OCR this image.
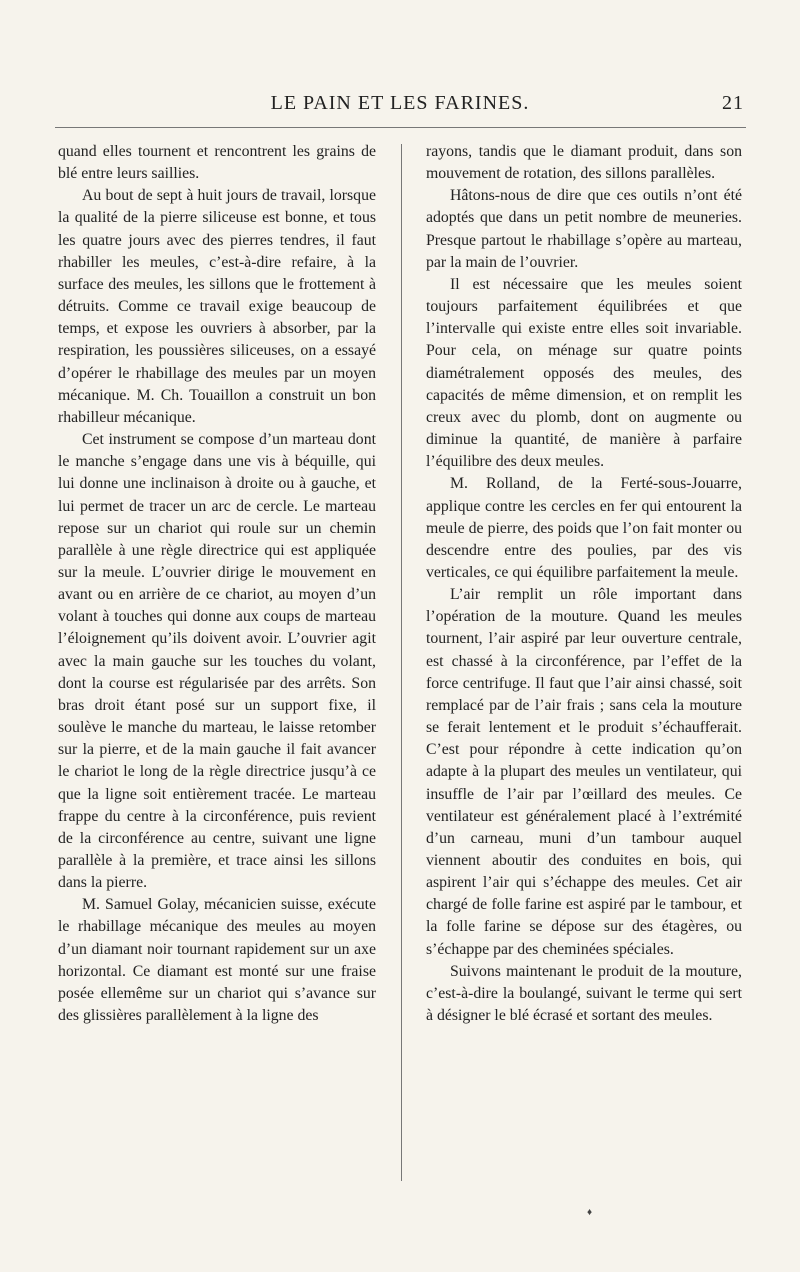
LE PAIN ET LES FARINES.	21

quand elles tournent et rencontrent les grains de blé entre leurs saillies.

Au bout de sept à huit jours de travail, lorsque la qualité de la pierre siliceuse est bonne, et tous les quatre jours avec des pierres tendres, il faut rhabiller les meules, c’est-à-dire refaire, à la surface des meules, les sillons que le frottement à détruits. Comme ce travail exige beaucoup de temps, et expose les ouvriers à absorber, par la respiration, les poussières siliceuses, on a essayé d’opérer le rhabillage des meules par un moyen mécanique. M. Ch. Touaillon a construit un bon rhabilleur mécanique.

Cet instrument se compose d’un marteau dont le manche s’engage dans une vis à béquille, qui lui donne une inclinaison à droite ou à gauche, et lui permet de tracer un arc de cercle. Le marteau repose sur un chariot qui roule sur un chemin parallèle à une règle directrice qui est appliquée sur la meule. L’ouvrier dirige le mouvement en avant ou en arrière de ce chariot, au moyen d’un volant à touches qui donne aux coups de marteau l’éloignement qu’ils doivent avoir. L’ouvrier agit avec la main gauche sur les touches du volant, dont la course est régularisée par des arrêts. Son bras droit étant posé sur un support fixe, il soulève le manche du marteau, le laisse retomber sur la pierre, et de la main gauche il fait avancer le chariot le long de la règle directrice jusqu’à ce que la ligne soit entièrement tracée. Le marteau frappe du centre à la circonférence, puis revient de la circonférence au centre, suivant une ligne parallèle à la première, et trace ainsi les sillons dans la pierre.

M. Samuel Golay, mécanicien suisse, exécute le rhabillage mécanique des meules au moyen d’un diamant noir tournant rapidement sur un axe horizontal. Ce diamant est monté sur une fraise posée ellemême sur un chariot qui s’avance sur des glissières parallèlement à la ligne des

rayons, tandis que le diamant produit, dans son mouvement de rotation, des sillons parallèles.

Hâtons-nous de dire que ces outils n’ont été adoptés que dans un petit nombre de meuneries. Presque partout le rhabillage s’opère au marteau, par la main de l’ouvrier.

Il est nécessaire que les meules soient toujours parfaitement équilibrées et que l’intervalle qui existe entre elles soit invariable. Pour cela, on ménage sur quatre points diamétralement opposés des meules, des capacités de même dimension, et on remplit les creux avec du plomb, dont on augmente ou diminue la quantité, de manière à parfaire l’équilibre des deux meules.

M. Rolland, de la Ferté-sous-Jouarre, applique contre les cercles en fer qui entourent la meule de pierre, des poids que l’on fait monter ou descendre entre des poulies, par des vis verticales, ce qui équilibre parfaitement la meule.

L’air remplit un rôle important dans l’opération de la mouture. Quand les meules tournent, l’air aspiré par leur ouverture centrale, est chassé à la circonférence, par l’effet de la force centrifuge. Il faut que l’air ainsi chassé, soit remplacé par de l’air frais ; sans cela la mouture se ferait lentement et le produit s’échaufferait. C’est pour répondre à cette indication qu’on adapte à la plupart des meules un ventilateur, qui insuffle de l’air par l’œillard des meules. Ce ventilateur est généralement placé à l’extrémité d’un carneau, muni d’un tambour auquel viennent aboutir des conduites en bois, qui aspirent l’air qui s’échappe des meules. Cet air chargé de folle farine est aspiré par le tambour, et la folle farine se dépose sur des étagères, ou s’échappe par des cheminées spéciales.

Suivons maintenant le produit de la mouture, c’est-à-dire la boulangé, suivant le terme qui sert à désigner le blé écrasé et sortant des meules.

♦
